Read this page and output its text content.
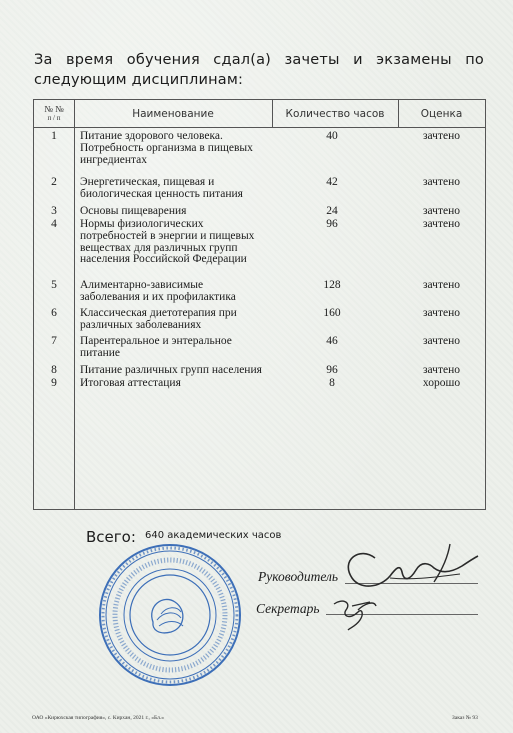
За время обучения сдал(а) зачеты и экзамены по следующим дисциплинам:
№ №
п / п	Наименование	Количество часов	Оценка
1	Питание здорового человека.
Потребность организма в пищевых
ингредиентах
40	зачтено
2	Энергетическая, пищевая и
биологическая ценность питания
42	зачтено
3	Основы пищеварения	24	зачтено
4	Нормы физиологических
потребностей в энергии и пищевых
веществах для различных групп
населения Российской Федерации
96	зачтено
5	Алиментарно-зависимые
заболевания и их профилактика
128	зачтено
6	Классическая диетотерапия при
различных заболеваниях
160	зачтено
7	Парентеральное и энтеральное
питание
46	зачтено
8	Питание различных групп населения	96	зачтено
9	Итоговая аттестация	8	хорошо
Всего: 640 академических часов
Руководитель
Секретарь
ОАО «Кирюхская типография», с. Кирхан, 2021 г., «Бл.»	Заказ № 93
